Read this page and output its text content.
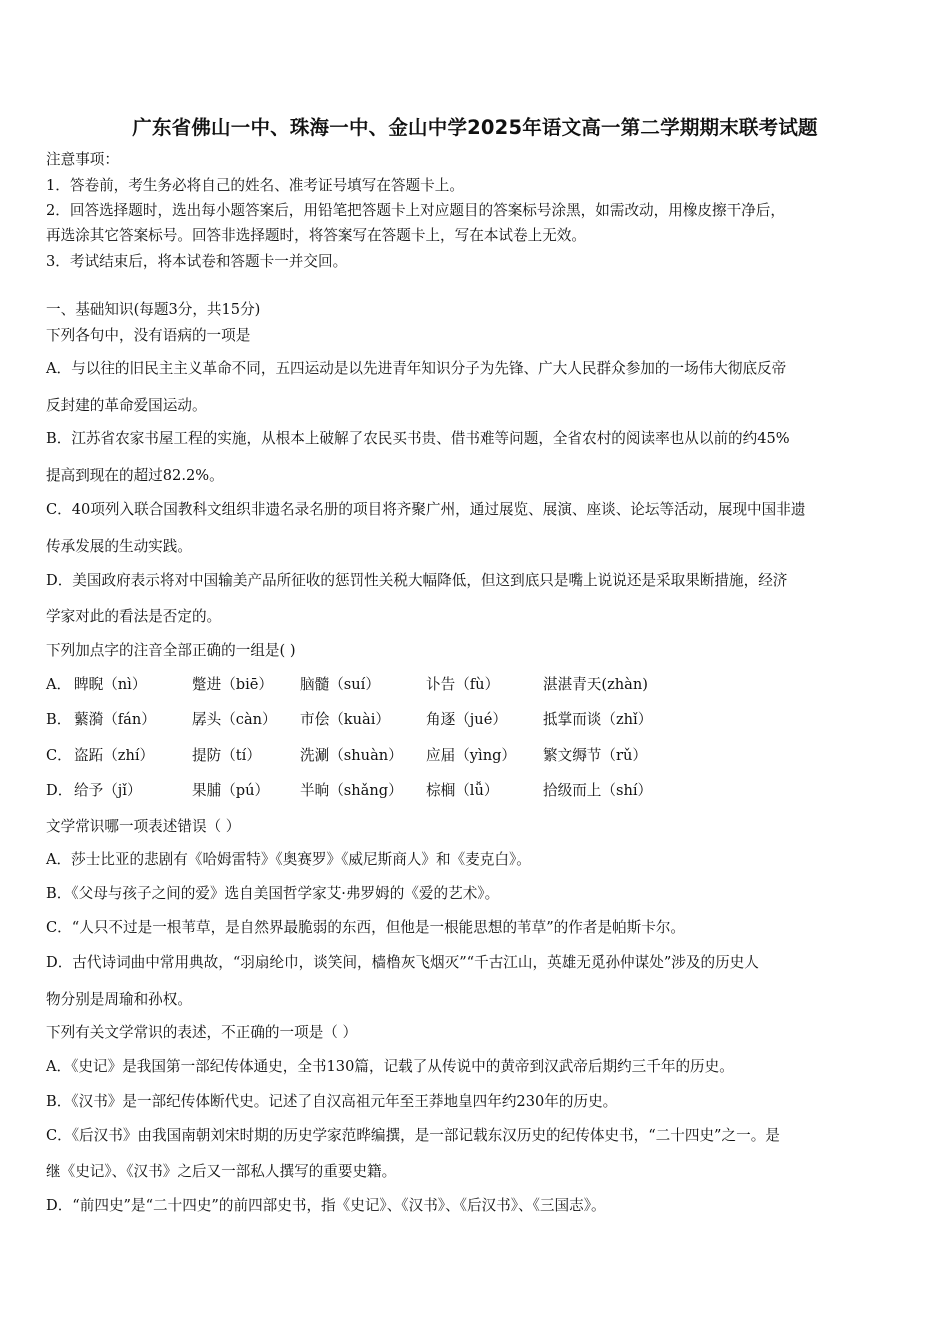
广东省佛山一中、珠海一中、金山中学2025年语文高一第二学期期末联考试题
注意事项：
1．答卷前，考生务必将自己的姓名、准考证号填写在答题卡上。
2．回答选择题时，选出每小题答案后，用铅笔把答题卡上对应题目的答案标号涂黑，如需改动，用橡皮擦干净后，
再选涂其它答案标号。回答非选择题时，将答案写在答题卡上，写在本试卷上无效。
3．考试结束后，将本试卷和答题卡一并交回。
一、基础知识(每题3分，共15分)
下列各句中，没有语病的一项是
A．与以往的旧民主主义革命不同，五四运动是以先进青年知识分子为先锋、广大人民群众参加的一场伟大彻底反帝
反封建的革命爱国运动。
B．江苏省农家书屋工程的实施，从根本上破解了农民买书贵、借书难等问题，全省农村的阅读率也从以前的约45%
提高到现在的超过82.2%。
C．40项列入联合国教科文组织非遗名录名册的项目将齐聚广州，通过展览、展演、座谈、论坛等活动，展现中国非遗
传承发展的生动实践。
D．美国政府表示将对中国输美产品所征收的惩罚性关税大幅降低，但这到底只是嘴上说说还是采取果断措施，经济
学家对此的看法是否定的。
下列加点字的注音全部正确的一组是( )
A． 睥睨（nì）	蹩进（biē） 脑髓（suí）	讣告（fù）	湛湛青天(zhàn)
B． 蘩漪（fán） 孱头（càn） 市侩（kuài） 角逐（jué） 抵掌而谈（zhǐ）
C． 盗跖（zhí）	提防（tí）	洗涮（shuàn） 应届（yìng） 繁文缛节（rǔ）
D． 给予（jǐ）	果脯（pú） 半晌（shǎng） 棕榈（lǚ）	拾级而上（shí）
文学常识哪一项表述错误（ ）
A．莎士比亚的悲剧有《哈姆雷特》《奥赛罗》《威尼斯商人》和《麦克白》。
B．《父母与孩子之间的爱》选自美国哲学家艾·弗罗姆的《爱的艺术》。
C．“人只不过是一根苇草，是自然界最脆弱的东西，但他是一根能思想的苇草”的作者是帕斯卡尔。
D．古代诗词曲中常用典故，“羽扇纶巾，谈笑间，樯橹灰飞烟灭”“千古江山，英雄无觅孙仲谋处”涉及的历史人
物分别是周瑜和孙权。
下列有关文学常识的表述，不正确的一项是（ ）
A．《史记》是我国第一部纪传体通史，全书130篇，记载了从传说中的黄帝到汉武帝后期约三千年的历史。
B．《汉书》是一部纪传体断代史。记述了自汉高祖元年至王莽地皇四年约230年的历史。
C．《后汉书》由我国南朝刘宋时期的历史学家范晔编撰，是一部记载东汉历史的纪传体史书，“二十四史”之一。是
继《史记》、《汉书》之后又一部私人撰写的重要史籍。
D．“前四史”是“二十四史”的前四部史书，指《史记》、《汉书》、《后汉书》、《三国志》。
